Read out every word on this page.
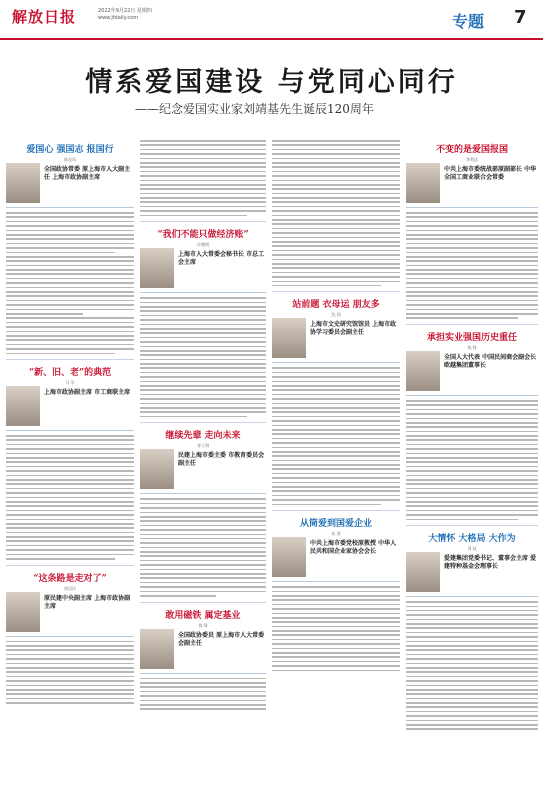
解放日报	2022年9月22日 星期四
www.jfdaily.com	专题 7
情系爱国建设 与党同心同行
——纪念爱国实业家刘靖基先生诞辰120周年
爱国心 强国志 报国行
陈良凤
全国政协常委 原上海市人大副主任 上海市政协副主席
“新、旧、老”的典范
马 军
上海市政协副主席 市工商联主席
“这条路是走对了”
周汉民
原民建中央副主席 上海市政协副主席
“我们不能只做经济账”
许德明
上海市人大常委会秘书长 市总工会主席
继续先辈 走向未来
寿子琪
民建上海市委主委 市教育委员会副主任
敢用磁铁 属定基业
钱 锋
全国政协委员 原上海市人大常委会副主任
站前题 衣母运 朋友多
沈 翔
上海市文史研究馆馆员 上海市政协学习委员会副主任
从筒爱到国爱企业
孙 涛
中共上海市委党校原教授 中华人民共和国企业家协会会长
不变的是爱国报国
李利达
中共上海市委统战部原副部长 中华全国工商业联合会常委
承担实业强国历史重任
钱 锋
全国人大代表 中国民间商会副会长 欧越集团董事长
大情怀 大格局 大作为
刘 权
爱建集团党委书记、董事会主席 爱建特种基金会理事长
